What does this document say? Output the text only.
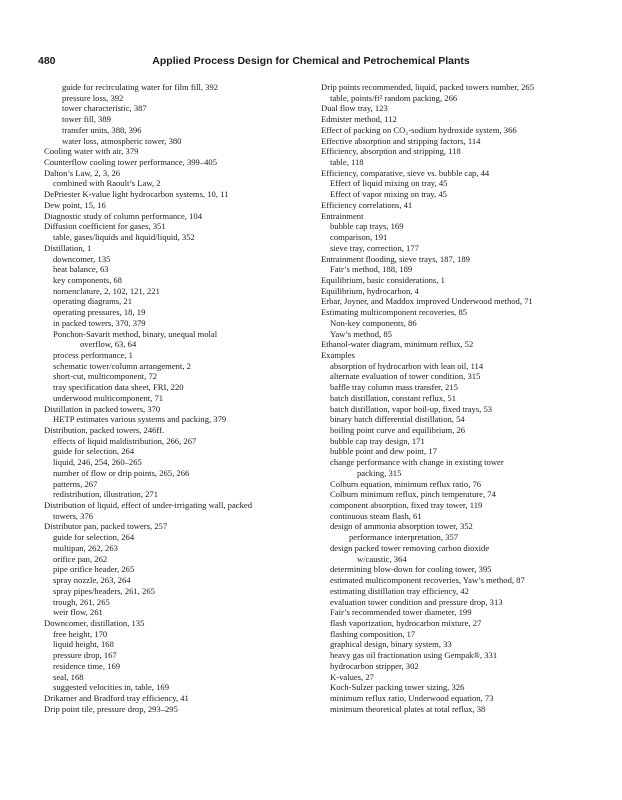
480	Applied Process Design for Chemical and Petrochemical Plants
guide for recirculating water for film fill, 392
pressure loss, 392
tower characteristic, 387
tower fill, 389
transfer units, 388, 396
water loss, atmospheric tower, 380
Cooling water with air, 379
Counterflow cooling tower performance, 399–405
Dalton’s Law, 2, 3, 26
combined with Raoult’s Law, 2
DePriester K-value light hydrocarbon systems, 10, 11
Dew point, 15, 16
Diagnostic study of column performance, 104
Diffusion coefficient for gases, 351
table, gases/liquids and liquid/liquid, 352
Distillation, 1
downcomer, 135
heat balance, 63
key components, 68
nomenclature, 2, 102, 121, 221
operating diagrams, 21
operating pressures, 18, 19
in packed towers, 370, 379
Ponchon-Savarit method, binary, unequal molal
overflow, 63, 64
process performance, 1
schematic tower/column arrangement, 2
short-cut, multicomponent, 72
tray specification data sheet, FRI, 220
underwood multicomponent, 71
Distillation in packed towers, 370
HETP estimates various systems and packing, 379
Distribution, packed towers, 246ff.
effects of liquid maldistribution, 266, 267
guide for selection, 264
liquid, 246, 254, 260–265
number of flow or drip points, 265, 266
patterns, 267
redistribution, illustration, 271
Distribution of liquid, effect of under-irrigating wall, packed
towers, 376
Distributor pan, packed towers, 257
guide for selection, 264
multipan, 262, 263
orifice pan, 262
pipe orifice header, 265
spray nozzle, 263, 264
spray pipes/headers, 261, 265
trough, 261, 265
weir flow, 261
Downcomer, distillation, 135
free height, 170
liquid height, 168
pressure drop, 167
residence time, 169
seal, 168
suggested velocities in, table, 169
Drikamer and Bradford tray efficiency, 41
Drip point tile, pressure drop, 293–295
Drip points recommended, liquid, packed towers number, 265
table, points/ft² random packing, 266
Dual flow tray, 123
Edmister method, 112
Effect of packing on CO₂-sodium hydroxide system, 366
Effective absorption and stripping factors, 114
Efficiency, absorption and stripping, 118
table, 118
Efficiency, comparative, sieve vs. bubble cap, 44
Effect of liquid mixing on tray, 45
Effect of vapor mixing on tray, 45
Efficiency correlations, 41
Entrainment
bubble cap trays, 169
comparison, 191
sieve tray, correction, 177
Entrainment flooding, sieve trays, 187, 189
Fair’s method, 188, 189
Equilibrium, basic considerations, 1
Equilibrium, hydrocarbon, 4
Erbar, Joyner, and Maddox improved Underwood method, 71
Estimating multicomponent recoveries, 85
Non-key components, 86
Yaw’s method, 85
Ethanol-water diagram, minimum reflux, 52
Examples
absorption of hydrocarbon with lean oil, 114
alternate evaluation of tower condition, 315
baffle tray column mass transfer, 215
batch distillation, constant reflux, 51
batch distillation, vapor boil-up, fixed trays, 53
binary batch differential distillation, 54
boiling point curve and equilibrium, 26
bubble cap tray design, 171
bubble point and dew point, 17
change performance with change in existing tower
packing, 315
Colburn equation, minimum reflux ratio, 76
Colburn minimum reflux, pinch temperature, 74
component absorption, fixed tray tower, 119
continuous steam flash, 61
design of ammonia absorption tower, 352
performance interpretation, 357
design packed tower removing carbon dioxide
w/caustic, 364
determining blow-down for cooling tower, 395
estimated multicomponent recoveries, Yaw’s method, 87
estimating distillation tray efficiency, 42
evaluation tower condition and pressure drop, 313
Fair’s recommended tower diameter, 199
flash vaporization, hydrocarbon mixture, 27
flashing composition, 17
graphical design, binary system, 33
heavy gas oil fractionation using Gempak®, 331
hydrocarbon stripper, 302
K-values, 27
Koch-Sulzer packing tower sizing, 326
minimum reflux ratio, Underwood equation, 73
minimum theoretical plates at total reflux, 38
